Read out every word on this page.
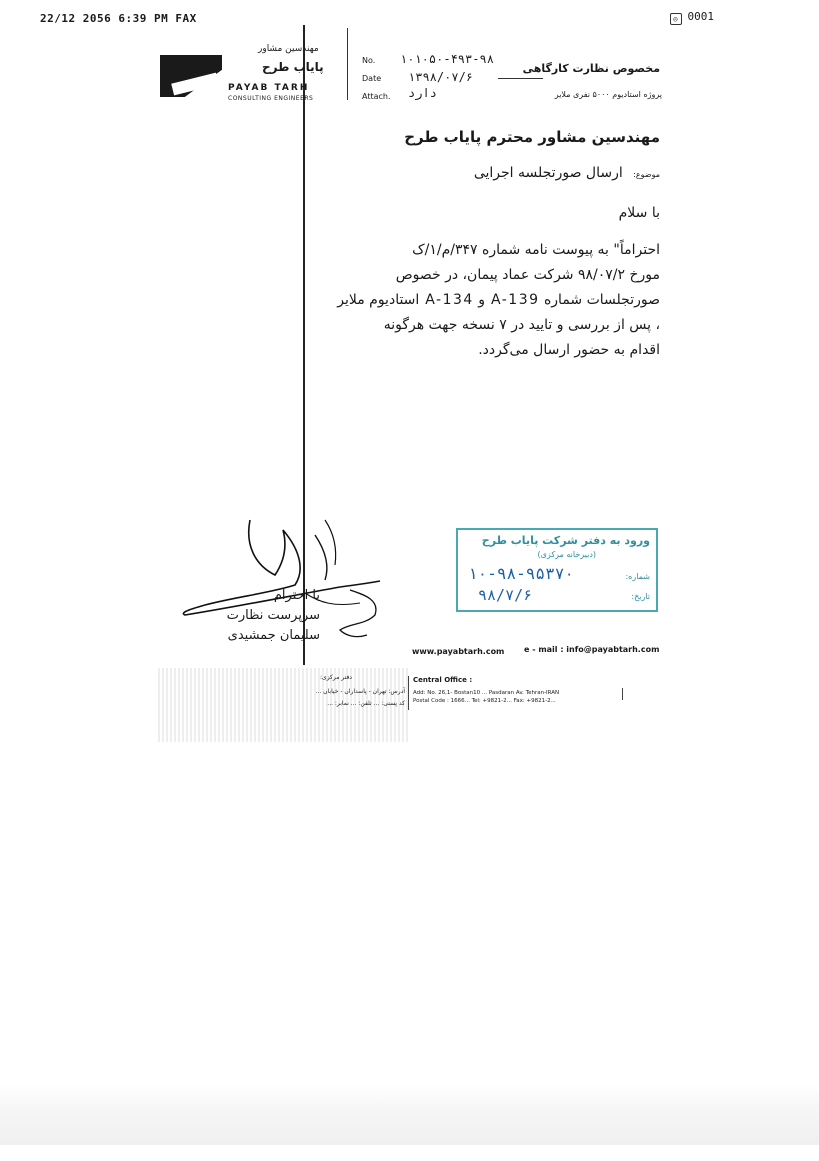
22/12 2056 6:39 PM FAX	◎ 0001
مهندسین مشاور
پایاب طرح
PAYAB TARH
CONSULTING ENGINEERS
No. ۱۰۱۰۵۰-۴۹۳-۹۸
Date ۱۳۹۸/۰۷/۶
Attach. دارد
مخصوص نظارت کارگاهی
پروژه استادیوم ۵۰۰۰ نفری ملایر
مهندسین مشاور محترم پایاب طرح
موضوع: ارسال صورتجلسه اجرایی
با سلام
احتراماً" به پیوست نامه شماره ۳۴۷/م/۱/ک
مورخ ۹۸/۰۷/۲ شرکت عماد پیمان، در خصوص
صورتجلسات شماره A-139 و A-134 استادیوم ملایر
، پس از بررسی و تایید در ۷ نسخه جهت هرگونه
اقدام به حضور ارسال می‌گردد.
با احترام
سرپرست نظارت
سلیمان جمشیدی
ورود به دفتر شرکت پایاب طرح
(دبیرخانه مرکزی)
شماره:
۱۰-۹۸-۹۵۳۷۰
تاریخ:
۹۸/۷/۶
www.payabtarh.com e - mail : info@payabtarh.com
دفتر مرکزی:
آدرس: تهران - پاسداران - خیابان ...
کد پستی: ... تلفن: ... نمابر: ...
Central Office :
Add: No. 26,1- Bostan10 ... Pasdaran Av. Tehran-IRAN
Postal Code : 1666... Tel: +9821-2... Fax: +9821-2...
